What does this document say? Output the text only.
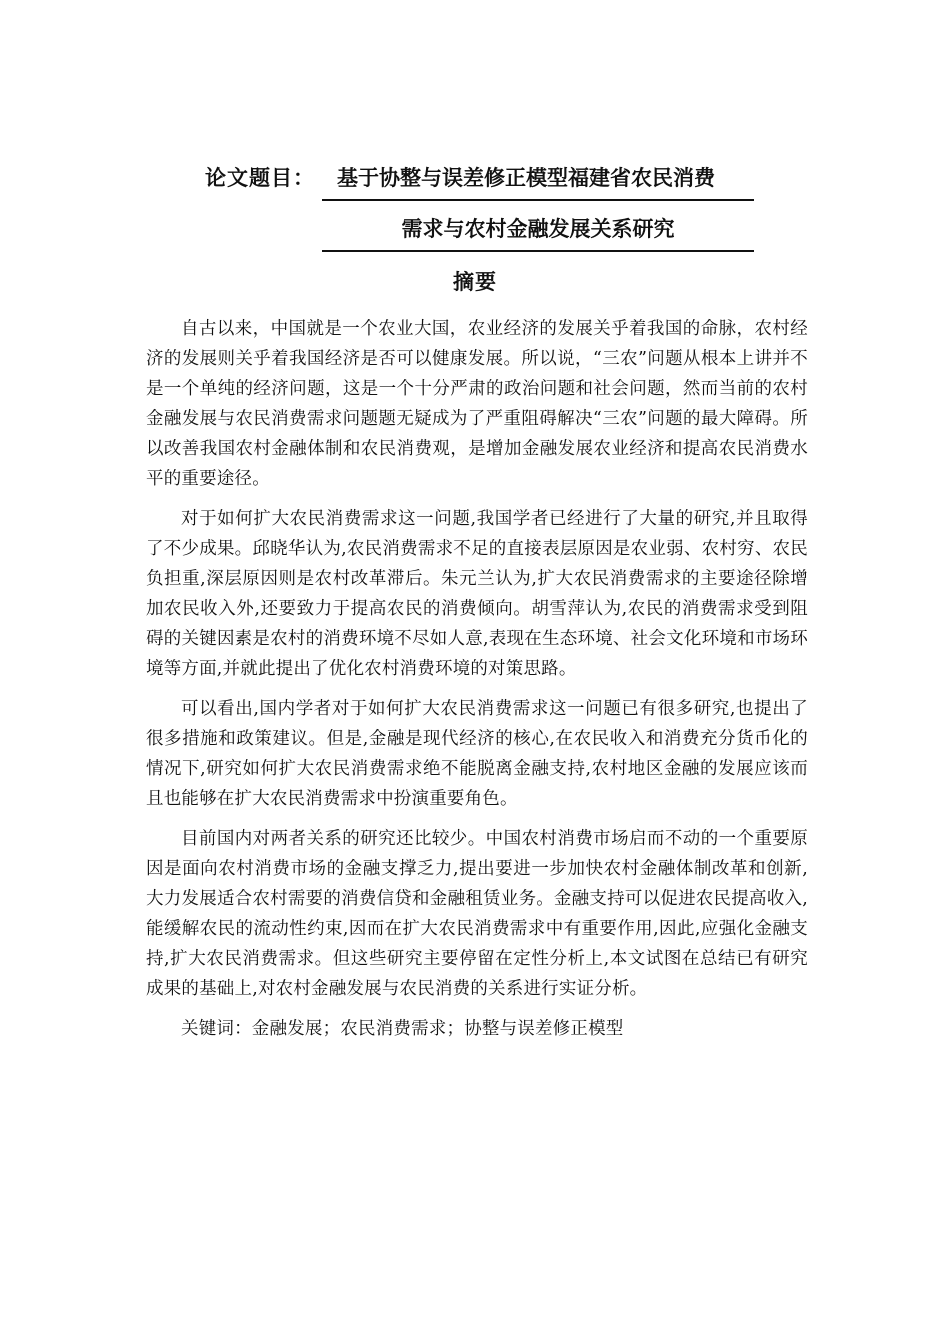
论文题目：	基于协整与误差修正模型福建省农民消费
需求与农村金融发展关系研究
摘要

自古以来，中国就是一个农业大国，农业经济的发展关乎着我国的命脉，农村经济的发展则关乎着我国经济是否可以健康发展。所以说，“三农”问题从根本上讲并不是一个单纯的经济问题，这是一个十分严肃的政治问题和社会问题，然而当前的农村金融发展与农民消费需求问题题无疑成为了严重阻碍解决“三农”问题的最大障碍。所以改善我国农村金融体制和农民消费观，是增加金融发展农业经济和提高农民消费水平的重要途径。

对于如何扩大农民消费需求这一问题,我国学者已经进行了大量的研究,并且取得了不少成果。邱晓华认为,农民消费需求不足的直接表层原因是农业弱、农村穷、农民负担重,深层原因则是农村改革滞后。朱元兰认为,扩大农民消费需求的主要途径除增加农民收入外,还要致力于提高农民的消费倾向。胡雪萍认为,农民的消费需求受到阻碍的关键因素是农村的消费环境不尽如人意,表现在生态环境、社会文化环境和市场环境等方面,并就此提出了优化农村消费环境的对策思路。

可以看出,国内学者对于如何扩大农民消费需求这一问题已有很多研究,也提出了很多措施和政策建议。但是,金融是现代经济的核心,在农民收入和消费充分货币化的情况下,研究如何扩大农民消费需求绝不能脱离金融支持,农村地区金融的发展应该而且也能够在扩大农民消费需求中扮演重要角色。

目前国内对两者关系的研究还比较少。中国农村消费市场启而不动的一个重要原因是面向农村消费市场的金融支撑乏力,提出要进一步加快农村金融体制改革和创新,大力发展适合农村需要的消费信贷和金融租赁业务。金融支持可以促进农民提高收入,能缓解农民的流动性约束,因而在扩大农民消费需求中有重要作用,因此,应强化金融支持,扩大农民消费需求。但这些研究主要停留在定性分析上,本文试图在总结已有研究成果的基础上,对农村金融发展与农民消费的关系进行实证分析。

关键词：金融发展；农民消费需求；协整与误差修正模型
